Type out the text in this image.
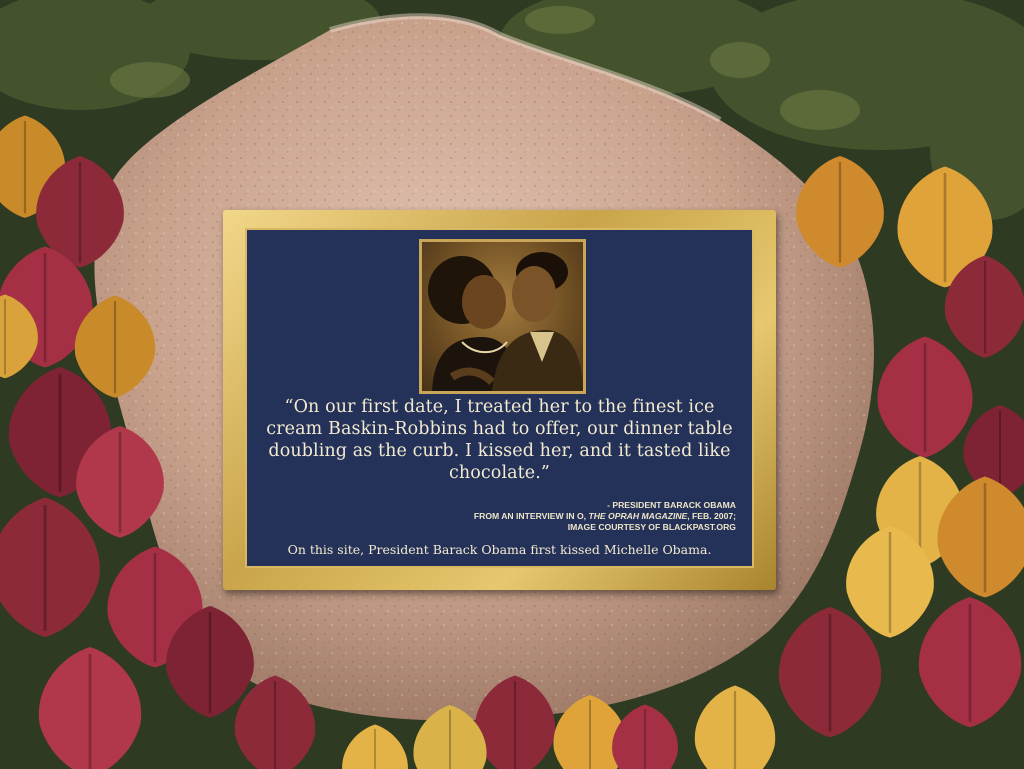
“On our first date, I treated her to the finest ice cream Baskin-Robbins had to offer, our dinner table doubling as the curb. I kissed her, and it tasted like chocolate.”

- PRESIDENT BARACK OBAMA
FROM AN INTERVIEW IN O, THE OPRAH MAGAZINE, FEB. 2007;
IMAGE COURTESY OF BLACKPAST.ORG

On this site, President Barack Obama first kissed Michelle Obama.
